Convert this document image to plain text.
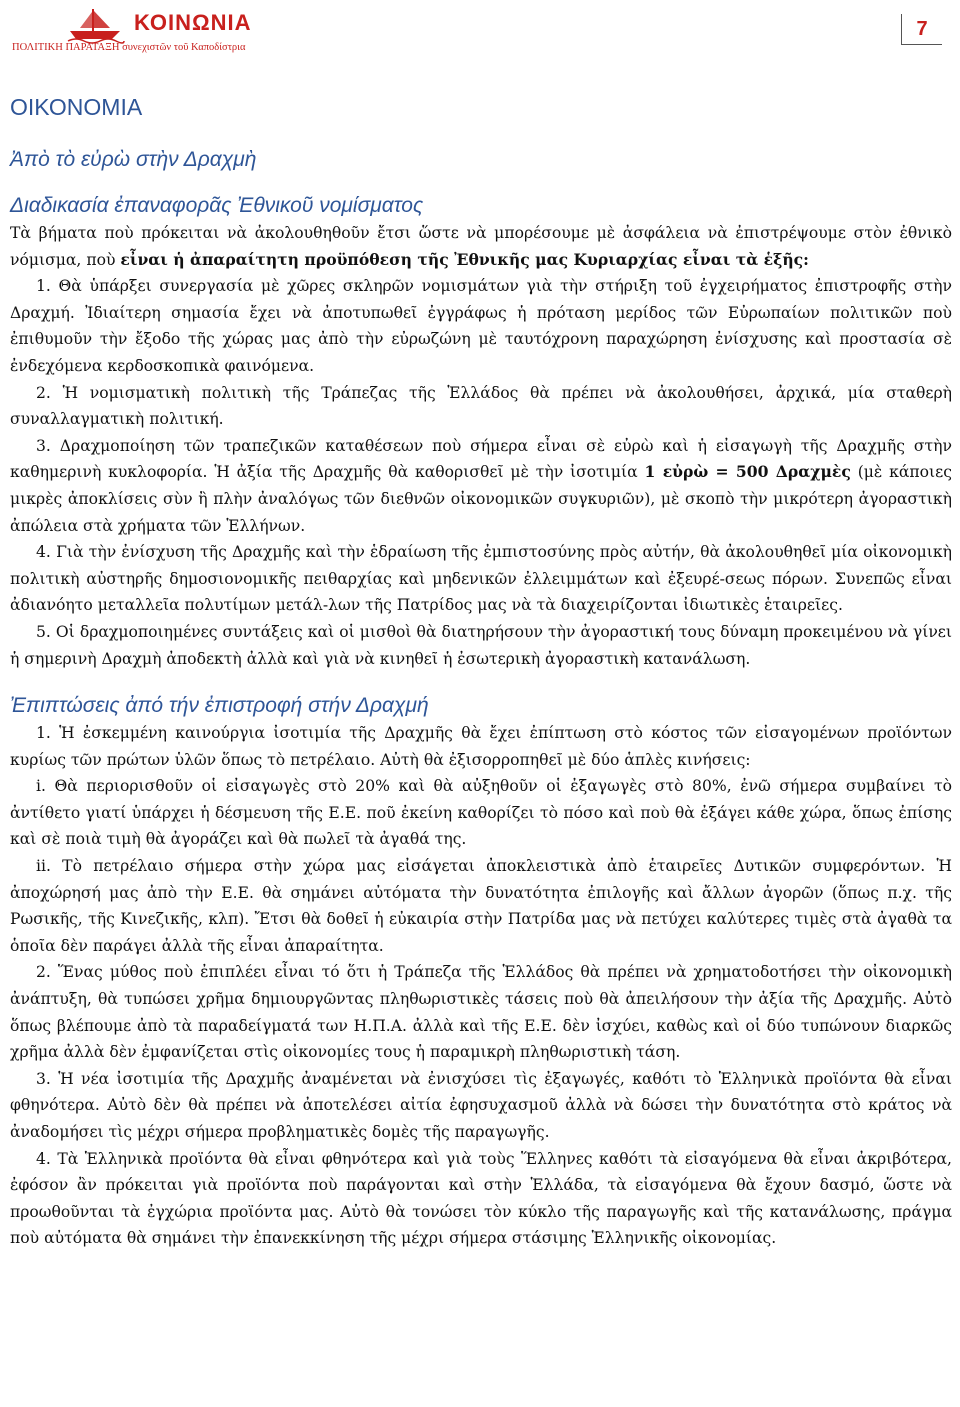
ΚΟΙΝΩΝΙΑ
ΠΟΛΙΤΙΚΗ ΠΑΡΑΤΑΞΗ συνεχιστῶν τοῦ Καποδίστρια
7
ΟΙΚΟΝΟΜΙΑ
Ἀπὸ τὸ εὐρὼ στὴν Δραχμὴ
Διαδικασία ἐπαναφορᾶς Ἐθνικοῦ νομίσματος

Τὰ βήματα ποὺ πρόκειται νὰ ἀκολουθηθοῦν ἔτσι ὥστε νὰ μπορέσουμε μὲ ἀσφάλεια νὰ ἐπιστρέψουμε στὸν ἐθνικὸ νόμισμα, ποὺ εἶναι ἡ ἀπαραίτητη προϋπόθεση τῆς Ἐθνικῆς μας Κυριαρχίας εἶναι τὰ ἑξῆς:

1. Θὰ ὑπάρξει συνεργασία μὲ χῶρες σκληρῶν νομισμάτων γιὰ τὴν στήριξη τοῦ ἐγχειρήματος ἐπιστροφῆς στὴν Δραχμή. Ἰδιαίτερη σημασία ἔχει νὰ ἀποτυπωθεῖ ἐγγράφως ἡ πρόταση μερίδος τῶν Εὐρωπαίων πολιτικῶν ποὺ ἐπιθυμοῦν τὴν ἔξοδο τῆς χώρας μας ἀπὸ τὴν εὐρωζώνη μὲ ταυτόχρονη παραχώρηση ἐνίσχυσης καὶ προστασία σὲ ἐνδεχόμενα κερδοσκοπικὰ φαινόμενα.

2. Ἡ νομισματικὴ πολιτικὴ τῆς Τράπεζας τῆς Ἑλλάδος θὰ πρέπει νὰ ἀκολουθήσει, ἀρχικά, μία σταθερὴ συναλλαγματικὴ πολιτική.

3. Δραχμοποίηση τῶν τραπεζικῶν καταθέσεων ποὺ σήμερα εἶναι σὲ εὐρὼ καὶ ἡ εἰσαγωγὴ τῆς Δραχμῆς στὴν καθημερινὴ κυκλοφορία. Ἡ ἀξία τῆς Δραχμῆς θὰ καθορισθεῖ μὲ τὴν ἰσοτιμία 1 εὐρὼ = 500 Δραχμὲς (μὲ κάποιες μικρὲς ἀποκλίσεις σὺν ἢ πλὴν ἀναλόγως τῶν διεθνῶν οἰκονομικῶν συγκυριῶν), μὲ σκοπὸ τὴν μικρότερη ἀγοραστικὴ ἀπώλεια στὰ χρήματα τῶν Ἑλλήνων.

4. Γιὰ τὴν ἐνίσχυση τῆς Δραχμῆς καὶ τὴν ἑδραίωση τῆς ἐμπιστοσύνης πρὸς αὐτήν, θὰ ἀκολουθηθεῖ μία οἰκονομικὴ πολιτικὴ αὐστηρῆς δημοσιονομικῆς πειθαρχίας καὶ μηδενικῶν ἐλλειμμάτων καὶ ἐξευρέ-σεως πόρων. Συνεπῶς εἶναι ἀδιανόητο μεταλλεῖα πολυτίμων μετάλ-λων τῆς Πατρίδος μας νὰ τὰ διαχειρίζονται ἰδιωτικὲς ἑταιρεῖες.

5. Οἱ δραχμοποιημένες συντάξεις καὶ οἱ μισθοὶ θὰ διατηρήσουν τὴν ἀγοραστική τους δύναμη προκειμένου νὰ γίνει ἡ σημερινὴ Δραχμὴ ἀποδεκτὴ ἀλλὰ καὶ γιὰ νὰ κινηθεῖ ἡ ἐσωτερικὴ ἀγοραστικὴ κατανάλωση.

Ἐπιπτώσεις ἀπό τήν ἐπιστροφή στήν Δραχμή

1. Ἡ ἐσκεμμένη καινούργια ἰσοτιμία τῆς Δραχμῆς θὰ ἔχει ἐπίπτωση στὸ κόστος τῶν εἰσαγομένων προϊόντων κυρίως τῶν πρώτων ὑλῶν ὅπως τὸ πετρέλαιο. Αὐτὴ θὰ ἐξισορροπηθεῖ μὲ δύο ἁπλὲς κινήσεις:

i. Θὰ περιορισθοῦν οἱ εἰσαγωγὲς στὸ 20% καὶ θὰ αὐξηθοῦν οἱ ἐξαγωγὲς στὸ 80%, ἐνῶ σήμερα συμβαίνει τὸ ἀντίθετο γιατί ὑπάρχει ἡ δέσμευση τῆς Ε.Ε. ποῦ ἐκείνη καθορίζει τὸ πόσο καὶ ποὺ θὰ ἐξάγει κάθε χώρα, ὅπως ἐπίσης καὶ σὲ ποιὰ τιμὴ θὰ ἀγοράζει καὶ θὰ πωλεῖ τὰ ἀγαθά της.

ii. Τὸ πετρέλαιο σήμερα στὴν χώρα μας εἰσάγεται ἀποκλειστικὰ ἀπὸ ἑταιρεῖες Δυτικῶν συμφερόντων. Ἡ ἀποχώρησή μας ἀπὸ τὴν Ε.Ε. θὰ σημάνει αὐτόματα τὴν δυνατότητα ἐπιλογῆς καὶ ἄλλων ἀγορῶν (ὅπως π.χ. τῆς Ρωσικῆς, τῆς Κινεζικῆς, κλπ). Ἔτσι θὰ δοθεῖ ἡ εὐκαιρία στὴν Πατρίδα μας νὰ πετύχει καλύτερες τιμὲς στὰ ἀγαθὰ τα ὁποῖα δὲν παράγει ἀλλὰ τῆς εἶναι ἀπαραίτητα.

2. Ἕνας μύθος ποὺ ἐπιπλέει εἶναι τό ὅτι ἡ Τράπεζα τῆς Ἑλλάδος θὰ πρέπει νὰ χρηματοδοτήσει τὴν οἰκονομικὴ ἀνάπτυξη, θὰ τυπώσει χρῆμα δημιουργῶντας πληθωριστικὲς τάσεις ποὺ θὰ ἀπειλήσουν τὴν ἀξία τῆς Δραχμῆς. Αὐτὸ ὅπως βλέπουμε ἀπὸ τὰ παραδείγματά των Η.Π.Α. ἀλλὰ καὶ τῆς Ε.Ε. δὲν ἰσχύει, καθὼς καὶ οἱ δύο τυπώνουν διαρκῶς χρῆμα ἀλλὰ δὲν ἐμφανίζεται στὶς οἰκονομίες τους ἡ παραμικρὴ πληθωριστικὴ τάση.

3. Ἡ νέα ἰσοτιμία τῆς Δραχμῆς ἀναμένεται νὰ ἐνισχύσει τὶς ἐξαγωγές, καθότι τὸ Ἑλληνικὰ προϊόντα θὰ εἶναι φθηνότερα. Αὐτὸ δὲν θὰ πρέπει νὰ ἀποτελέσει αἰτία ἐφησυχασμοῦ ἀλλὰ νὰ δώσει τὴν δυνατότητα στὸ κράτος νὰ ἀναδομήσει τὶς μέχρι σήμερα προβληματικὲς δομὲς τῆς παραγωγῆς.

4. Τὰ Ἑλληνικὰ προϊόντα θὰ εἶναι φθηνότερα καὶ γιὰ τοὺς Ἕλληνες καθότι τὰ εἰσαγόμενα θὰ εἶναι ἀκριβότερα, ἐφόσον ἂν πρόκειται γιὰ προϊόντα ποὺ παράγονται καὶ στὴν Ἑλλάδα, τὰ εἰσαγόμενα θὰ ἔχουν δασμό, ὥστε νὰ προωθοῦνται τὰ ἐγχώρια προϊόντα μας. Αὐτὸ θὰ τονώσει τὸν κύκλο τῆς παραγωγῆς καὶ τῆς κατανάλωσης, πράγμα ποὺ αὐτόματα θὰ σημάνει τὴν ἐπανεκκίνηση τῆς μέχρι σήμερα στάσιμης Ἑλληνικῆς οἰκονομίας.
